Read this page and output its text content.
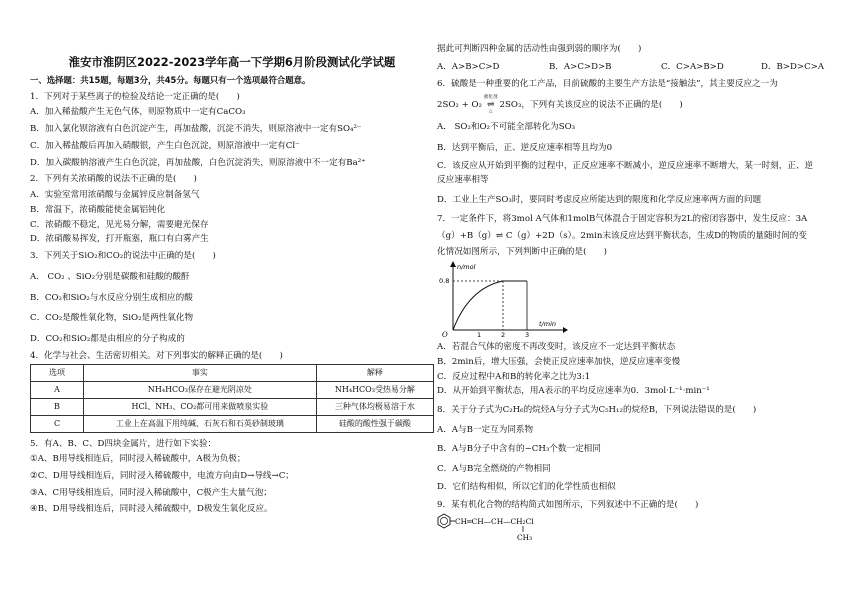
淮安市淮阴区2022-2023学年高一下学期6月阶段测试化学试题
一、选择题：共15题，每题3分，共45分。每题只有一个选项最符合题意。
1．下列对于某些离子的检验及结论一定正确的是(　　)
A．加入稀盐酸产生无色气体，则原物质中一定有CaCO₃
B．加入氯化钡溶液有白色沉淀产生，再加盐酸，沉淀不消失，则原溶液中一定有SO₄²⁻
C．加入稀盐酸后再加入硝酸银，产生白色沉淀，则原溶液中一定有Cl⁻
D．加入碳酸钠溶液产生白色沉淀，再加盐酸，白色沉淀消失，则原溶液中不一定有Ba²⁺
2．下列有关浓硝酸的说法不正确的是(　　)
A．实验室常用浓硝酸与金属锌反应制备氢气
B．常温下，浓硝酸能使金属铝钝化
C．浓硝酸不稳定，见光易分解，需要避光保存
D．浓硝酸易挥发，打开瓶塞，瓶口有白雾产生
3．下列关于SiO₂和CO₂的说法中正确的是(　　)
A． CO₂ 、SiO₂分别是碳酸和硅酸的酸酐
B．CO₂和SiO₂与水反应分别生成相应的酸
C．CO₂是酸性氧化物，SiO₂是两性氧化物
D．CO₂和SiO₂都是由相应的分子构成的
4．化学与社会、生活密切相关。对下列事实的解释正确的是(　　)
选项	事实	解释
A	NH₄HCO₃保存在避光阴凉处	NH₄HCO₃受热易分解
B	HCl、NH₃、CO₂都可用来做喷泉实验	三种气体均极易溶于水
C	工业上在高温下用纯碱、石灰石和石英砂制玻璃	硅酸的酸性强于碳酸
5．有A、B、C、D四块金属片，进行如下实验：
①A、B用导线相连后，同时浸入稀硫酸中，A极为负极；
②C、D用导线相连后，同时浸入稀硫酸中，电流方向由D→导线→C；
③A、C用导线相连后，同时浸入稀硫酸中，C极产生大量气泡；
④B、D用导线相连后，同时浸入稀硫酸中，D极发生氧化反应。
据此可判断四种金属的活动性由强到弱的顺序为(　　)
A．A>B>C>D	B．A>C>D>B	C．C>A>B>D	D．B>D>C>A
6．硫酸是一种重要的化工产品，目前硫酸的主要生产方法是“接触法”，其主要反应之一为
2SO₂ + O₂
催化剂
⇌
△
2SO₃ ，下列有关该反应的说法不正确的是(　　)
A． SO₂和O₂不可能全部转化为SO₃
B．达到平衡后，正、逆反应速率相等且均为0
C．该反应从开始到平衡的过程中，正反应速率不断减小，逆反应速率不断增大，某一时刻，正、逆
反应速率相等
D．工业上生产SO₃时，要同时考虑反应所能达到的限度和化学反应速率两方面的问题
7．一定条件下，将3mol A气体和1molB气体混合于固定容积为2L的密闭容器中，发生反应：3A
（g）+B（g）⇌ C（g）+2D（s）。2min末该反应达到平衡状态，生成D的物质的量随时间的变
化情况如图所示，下列判断中正确的是(　　)
n/mol
t/min
O
0.8
1	2	3
A．若混合气体的密度不再改变时，该反应不一定达到平衡状态
B．2min后，增大压强，会使正反应速率加快，逆反应速率变慢
C．反应过程中A和B的转化率之比为3:1
D．从开始到平衡状态，用A表示的平均反应速率为0．3mol·L⁻¹·min⁻¹
8．关于分子式为C₂H₆的烷烃A与分子式为C₅H₁₂的烷烃B，下列说法错误的是(　　)
A．A与B一定互为同系物
B．A与B分子中含有的−CH₃个数一定相同
C．A与B完全燃烧的产物相同
D．它们结构相似，所以它们的化学性质也相似
9．某有机化合物的结构简式如图所示，下列叙述中不正确的是(　　)
CH═CH—CH—CH₂Cl
CH₃
